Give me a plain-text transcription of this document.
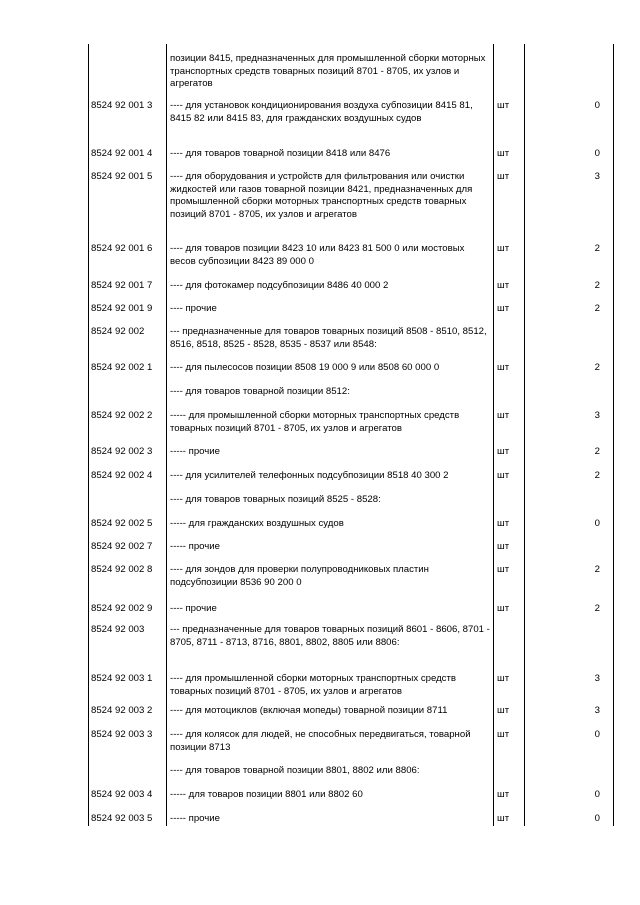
позиции 8415, предназначенных для промышленной сборки моторных транспортных средств товарных позиций 8701 - 8705, их узлов и агрегатов
8524 92 001 3 ---- для установок кондиционирования воздуха субпозиции 8415 81, 8415 82 или 8415 83, для гражданских воздушных судов
шт	0
8524 92 001 4 ---- для товаров товарной позиции 8418 или 8476	шт	0
8524 92 001 5 ---- для оборудования и устройств для фильтрования или очистки жидкостей или газов товарной позиции 8421, предназначенных для промышленной сборки моторных транспортных средств товарных позиций 8701 - 8705, их узлов и агрегатов
шт	3
8524 92 001 6 ---- для товаров позиции 8423 10 или 8423 81 500 0 или мостовых весов субпозиции 8423 89 000 0
шт	2
8524 92 001 7 ---- для фотокамер подсубпозиции 8486 40 000 2	шт	2
8524 92 001 9 ---- прочие	шт	2
8524 92 002	--- предназначенные для товаров товарных позиций 8508 - 8510, 8512, 8516, 8518, 8525 - 8528, 8535 - 8537 или 8548:
8524 92 002 1 ---- для пылесосов позиции 8508 19 000 9 или 8508 60 000 0	шт	2
---- для товаров товарной позиции 8512:
8524 92 002 2 ----- для промышленной сборки моторных транспортных средств товарных позиций 8701 - 8705, их узлов и агрегатов
шт	3
8524 92 002 3 ----- прочие	шт	2
8524 92 002 4 ---- для усилителей телефонных подсубпозиции 8518 40 300 2	шт	2
---- для товаров товарных позиций 8525 - 8528:
8524 92 002 5 ----- для гражданских воздушных судов	шт	0
8524 92 002 7 ----- прочие	шт
8524 92 002 8 ---- для зондов для проверки полупроводниковых пластин подсубпозиции 8536 90 200 0
шт	2
8524 92 002 9 ---- прочие	шт	2
8524 92 003	--- предназначенные для товаров товарных позиций 8601 - 8606, 8701 - 8705, 8711 - 8713, 8716, 8801, 8802, 8805 или 8806:
8524 92 003 1 ---- для промышленной сборки моторных транспортных средств товарных позиций 8701 - 8705, их узлов и агрегатов
шт	3
8524 92 003 2 ---- для мотоциклов (включая мопеды) товарной позиции 8711	шт	3
8524 92 003 3 ---- для колясок для людей, не способных передвигаться, товарной позиции 8713
шт	0
---- для товаров товарной позиции 8801, 8802 или 8806:
8524 92 003 4 ----- для товаров позиции 8801 или 8802 60	шт	0
8524 92 003 5 ----- прочие	шт	0
